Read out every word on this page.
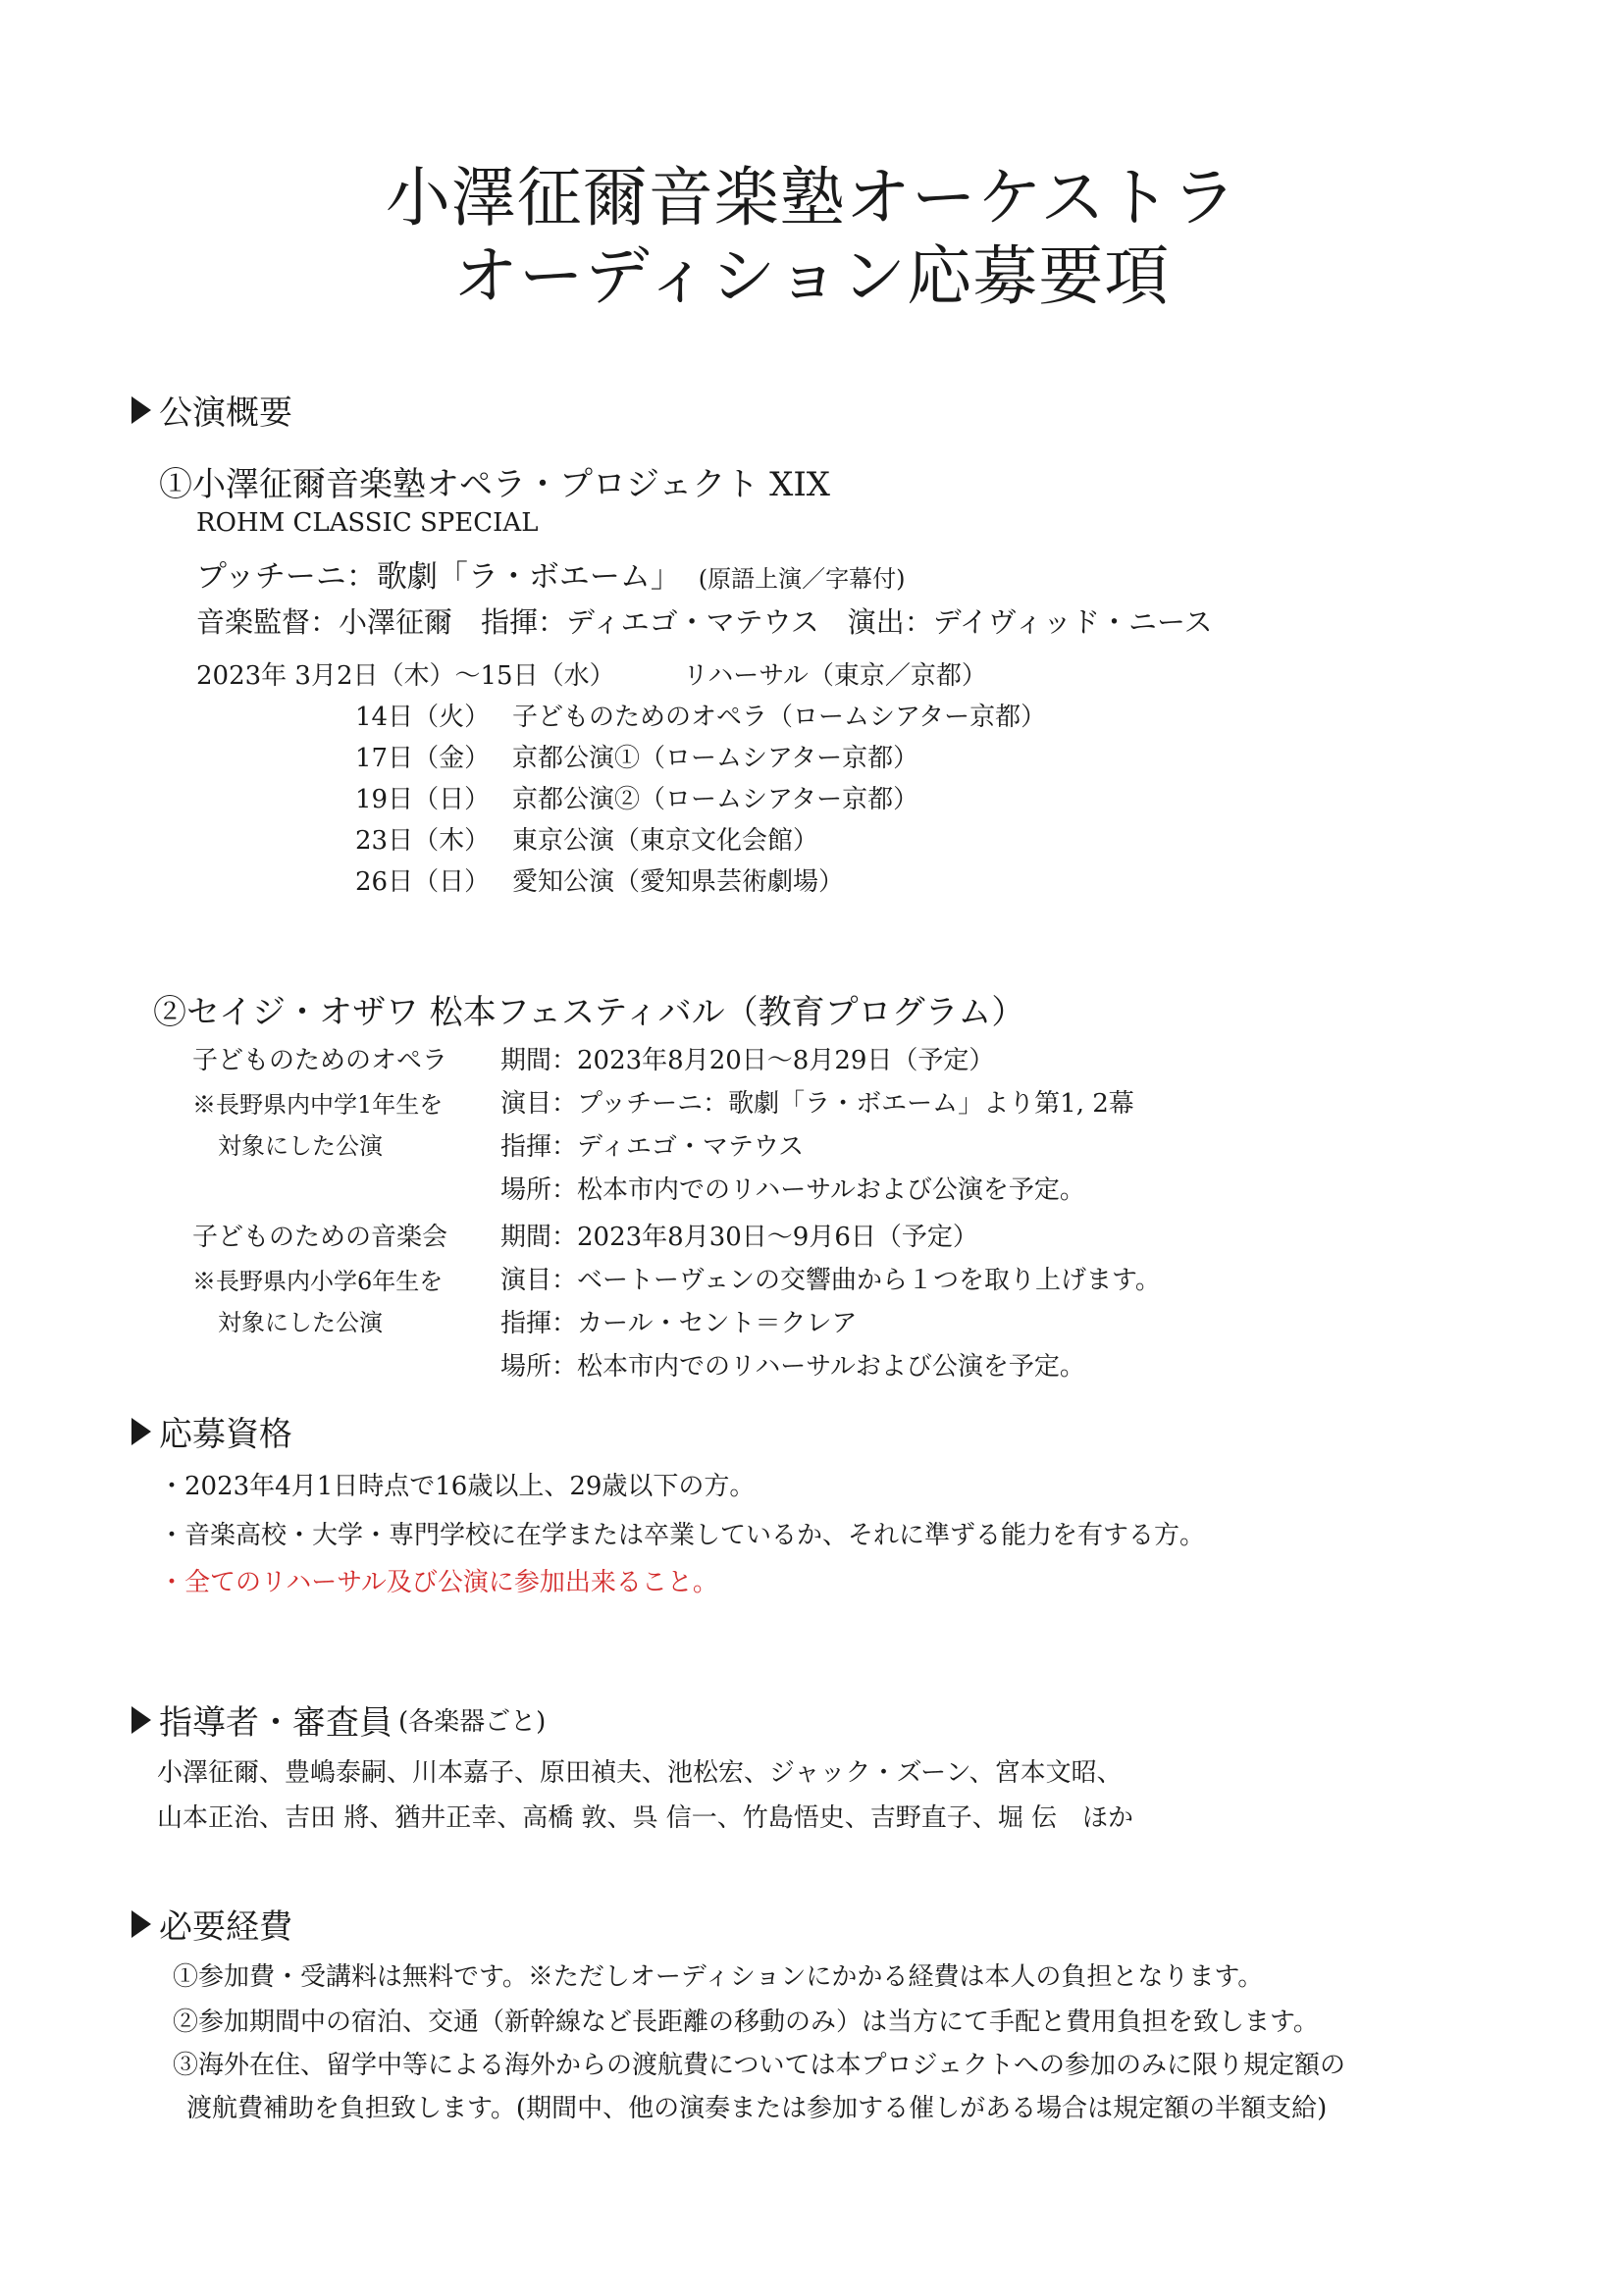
小澤征爾音楽塾オーケストラ
オーディション応募要項
公演概要
①小澤征爾音楽塾オペラ・プロジェクト XIX
ROHM CLASSIC SPECIAL
プッチーニ：歌劇「ラ・ボエーム」 (原語上演／字幕付)
音楽監督：小澤征爾　指揮：ディエゴ・マテウス　演出：デイヴィッド・ニース
2023年 3月2日（木）～15日（水）	リハーサル（東京／京都）
14日（火） 子どものためのオペラ（ロームシアター京都）
17日（金） 京都公演①（ロームシアター京都）
19日（日） 京都公演②（ロームシアター京都）
23日（木） 東京公演（東京文化会館）
26日（日） 愛知公演（愛知県芸術劇場）
②セイジ・オザワ 松本フェスティバル（教育プログラム）
子どものためのオペラ
※長野県内中学1年生を
対象にした公演
期間：2023年8月20日～8月29日（予定）
演目：プッチーニ：歌劇「ラ・ボエーム」より第1, 2幕
指揮：ディエゴ・マテウス
場所：松本市内でのリハーサルおよび公演を予定。
子どものための音楽会
※長野県内小学6年生を
対象にした公演
期間：2023年8月30日～9月6日（予定）
演目：ベートーヴェンの交響曲から１つを取り上げます。
指揮：カール・セント＝クレア
場所：松本市内でのリハーサルおよび公演を予定。
応募資格
・2023年4月1日時点で16歳以上、29歳以下の方。
・音楽高校・大学・専門学校に在学または卒業しているか、それに準ずる能力を有する方。
・全てのリハーサル及び公演に参加出来ること。
指導者・審査員 (各楽器ごと)
小澤征爾、豊嶋泰嗣、川本嘉子、原田禎夫、池松宏、ジャック・ズーン、宮本文昭、
山本正治、吉田 將、猶井正幸、高橋 敦、呉 信一、竹島悟史、吉野直子、堀 伝　ほか
必要経費
①参加費・受講料は無料です。※ただしオーディションにかかる経費は本人の負担となります。
②参加期間中の宿泊、交通（新幹線など長距離の移動のみ）は当方にて手配と費用負担を致します。
③海外在住、留学中等による海外からの渡航費については本プロジェクトへの参加のみに限り規定額の
渡航費補助を負担致します。(期間中、他の演奏または参加する催しがある場合は規定額の半額支給)
